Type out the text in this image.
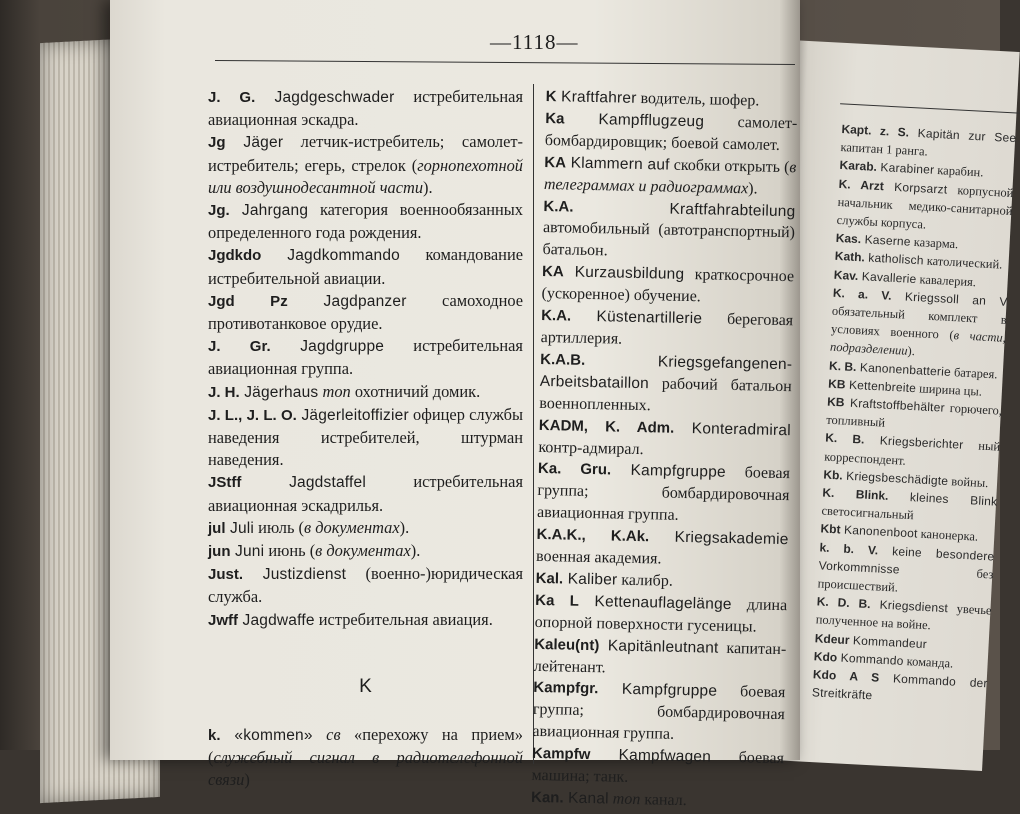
—1118—
J. G. Jagdgeschwader истребительная авиационная эскадра.
Jg Jäger летчик-истребитель; самолет-истребитель; егерь, стрелок (горнопехотной или воздушнодесантной части).
Jg. Jahrgang категория военнообязанных определенного года рождения.
Jgdkdo Jagdkommando командование истребительной авиации.
Jgd Pz Jagdpanzer самоходное противотанковое орудие.
J. Gr. Jagdgruppe истребительная авиационная группа.
J. H. Jägerhaus топ охотничий домик.
J. L., J. L. O. Jägerleitoffizier офицер службы наведения истребителей, штурман наведения.
JStff Jagdstaffel истребительная авиационная эскадрилья.
jul Juli июль (в документах).
jun Juni июнь (в документах).
Just. Justizdienst (военно-)юридическая служба.
Jwff Jagdwaffe истребительная авиация.
K
k. «kommen» св «перехожу на прием» (служебный сигнал в радиотелефонной связи)
K Kraftfahrer водитель, шофер.
Ka Kampfflugzeug самолет-бомбардировщик; боевой самолет.
KA Klammern auf скобки открыть (в телеграммах и радиограммах).
K.A. Kraftfahrabteilung автомобильный (автотранспортный) батальон.
KA Kurzausbildung краткосрочное (ускоренное) обучение.
K.A. Küstenartillerie береговая артиллерия.
K.A.B. Kriegsgefangenen-Arbeitsbataillon рабочий батальон военнопленных.
KADM, K. Adm. Konteradmiral контр-адмирал.
Ka. Gru. Kampfgruppe боевая группа; бомбардировочная авиационная группа.
K.A.K., K.Ak. Kriegsakademie военная академия.
Kal. Kaliber калибр.
Ka L Kettenauflagelänge длина опорной поверхности гусеницы.
Kaleu(nt) Kapitänleutnant капитан-лейтенант.
Kampfgr. Kampfgruppe боевая группа; бомбардировочная авиационная группа.
Kampfw Kampfwagen боевая машина; танк.
Kan. Kanal топ канал.
Kapt. z. S. Kapitän zur See капитан 1 ранга.
Karab. Karabiner карабин.
K. Arzt Korpsarzt корпусной начальник медико-санитарной службы корпуса.
Kas. Kaserne казарма.
Kath. katholisch католический.
Kav. Kavallerie кавалерия.
K. a. V. Kriegssoll an V обязательный комплект в условиях военного (в части, подразделении).
K. B. Kanonenbatterie батарея.
KB Kettenbreite ширина цы.
KB Kraftstoffbehälter горючего, топливный
K. B. Kriegsberichter ный корреспондент.
Kb. Kriegsbeschädigte войны.
K. Blink. kleines Blink светосигнальный
Kbt Kanonenboot канонерка.
k. b. V. keine besondere Vorkommnisse без происшествий.
K. D. B. Kriegsdienst увечье полученное на войне.
Kdeur Kommandeur
Kdo Kommando команда.
Kdo A S Kommando der Streitkräfte
